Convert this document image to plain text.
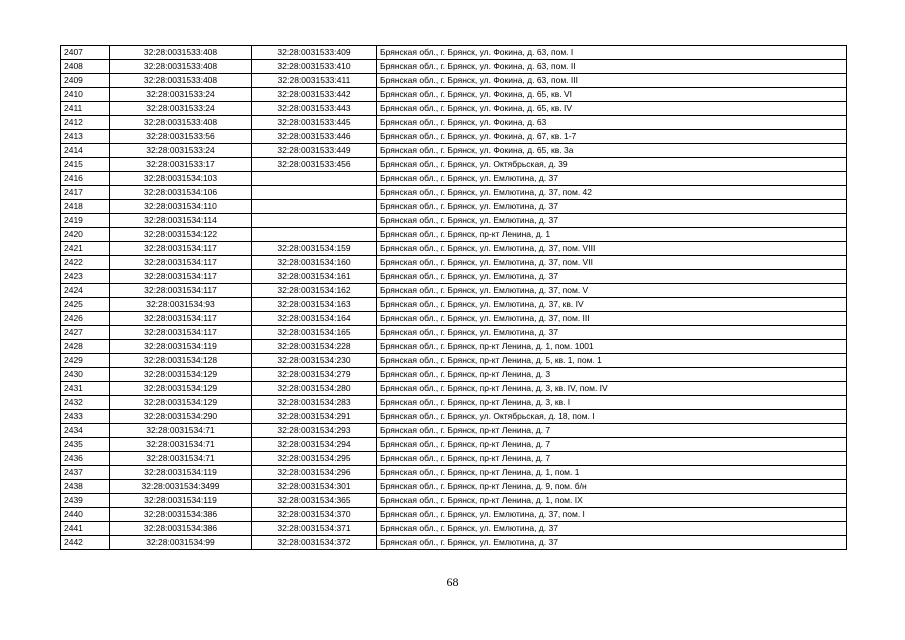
2407	32:28:0031533:408	32:28:0031533:409	Брянская обл., г. Брянск, ул. Фокина, д. 63, пом. I
2408	32:28:0031533:408	32:28:0031533:410	Брянская обл., г. Брянск, ул. Фокина, д. 63, пом. II
2409	32:28:0031533:408	32:28:0031533:411	Брянская обл., г. Брянск, ул. Фокина, д. 63, пом. III
2410	32:28:0031533:24	32:28:0031533:442	Брянская обл., г. Брянск, ул. Фокина, д. 65, кв. VI
2411	32:28:0031533:24	32:28:0031533:443	Брянская обл., г. Брянск, ул. Фокина, д. 65, кв. IV
2412	32:28:0031533:408	32:28:0031533:445	Брянская обл., г. Брянск, ул. Фокина, д. 63
2413	32:28:0031533:56	32:28:0031533:446	Брянская обл., г. Брянск, ул. Фокина, д. 67, кв. 1-7
2414	32:28:0031533:24	32:28:0031533:449	Брянская обл., г. Брянск, ул. Фокина, д. 65, кв. 3а
2415	32:28:0031533:17	32:28:0031533:456	Брянская обл., г. Брянск, ул. Октябрьская, д. 39
2416	32:28:0031534:103		Брянская обл., г. Брянск, ул. Емлютина, д. 37
2417	32:28:0031534:106		Брянская обл., г. Брянск, ул. Емлютина, д. 37, пом. 42
2418	32:28:0031534:110		Брянская обл., г. Брянск, ул. Емлютина, д. 37
2419	32:28:0031534:114		Брянская обл., г. Брянск, ул. Емлютина, д. 37
2420	32:28:0031534:122		Брянская обл., г. Брянск, пр-кт Ленина, д. 1
2421	32:28:0031534:117	32:28:0031534:159	Брянская обл., г. Брянск, ул. Емлютина, д. 37, пом. VIII
2422	32:28:0031534:117	32:28:0031534:160	Брянская обл., г. Брянск, ул. Емлютина, д. 37, пом. VII
2423	32:28:0031534:117	32:28:0031534:161	Брянская обл., г. Брянск, ул. Емлютина, д. 37
2424	32:28:0031534:117	32:28:0031534:162	Брянская обл., г. Брянск, ул. Емлютина, д. 37, пом. V
2425	32:28:0031534:93	32:28:0031534:163	Брянская обл., г. Брянск, ул. Емлютина, д. 37, кв. IV
2426	32:28:0031534:117	32:28:0031534:164	Брянская обл., г. Брянск, ул. Емлютина, д. 37, пом. III
2427	32:28:0031534:117	32:28:0031534:165	Брянская обл., г. Брянск, ул. Емлютина, д. 37
2428	32:28:0031534:119	32:28:0031534:228	Брянская обл., г. Брянск, пр-кт Ленина, д. 1, пом. 1001
2429	32:28:0031534:128	32:28:0031534:230	Брянская обл., г. Брянск, пр-кт Ленина, д. 5, кв. 1, пом. 1
2430	32:28:0031534:129	32:28:0031534:279	Брянская обл., г. Брянск, пр-кт Ленина, д. 3
2431	32:28:0031534:129	32:28:0031534:280	Брянская обл., г. Брянск, пр-кт Ленина, д. 3, кв. IV, пом. IV
2432	32:28:0031534:129	32:28:0031534:283	Брянская обл., г. Брянск, пр-кт Ленина, д. 3, кв. I
2433	32:28:0031534:290	32:28:0031534:291	Брянская обл., г. Брянск, ул. Октябрьская, д. 18, пом. I
2434	32:28:0031534:71	32:28:0031534:293	Брянская обл., г. Брянск, пр-кт Ленина, д. 7
2435	32:28:0031534:71	32:28:0031534:294	Брянская обл., г. Брянск, пр-кт Ленина, д. 7
2436	32:28:0031534:71	32:28:0031534:295	Брянская обл., г. Брянск, пр-кт Ленина, д. 7
2437	32:28:0031534:119	32:28:0031534:296	Брянская обл., г. Брянск, пр-кт Ленина, д. 1, пом. 1
2438	32:28:0031534:3499	32:28:0031534:301	Брянская обл., г. Брянск, пр-кт Ленина, д. 9, пом. б/н
2439	32:28:0031534:119	32:28:0031534:365	Брянская обл., г. Брянск, пр-кт Ленина, д. 1, пом. IX
2440	32:28:0031534:386	32:28:0031534:370	Брянская обл., г. Брянск, ул. Емлютина, д. 37, пом. I
2441	32:28:0031534:386	32:28:0031534:371	Брянская обл., г. Брянск, ул. Емлютина, д. 37
2442	32:28:0031534:99	32:28:0031534:372	Брянская обл., г. Брянск, ул. Емлютина, д. 37
68
